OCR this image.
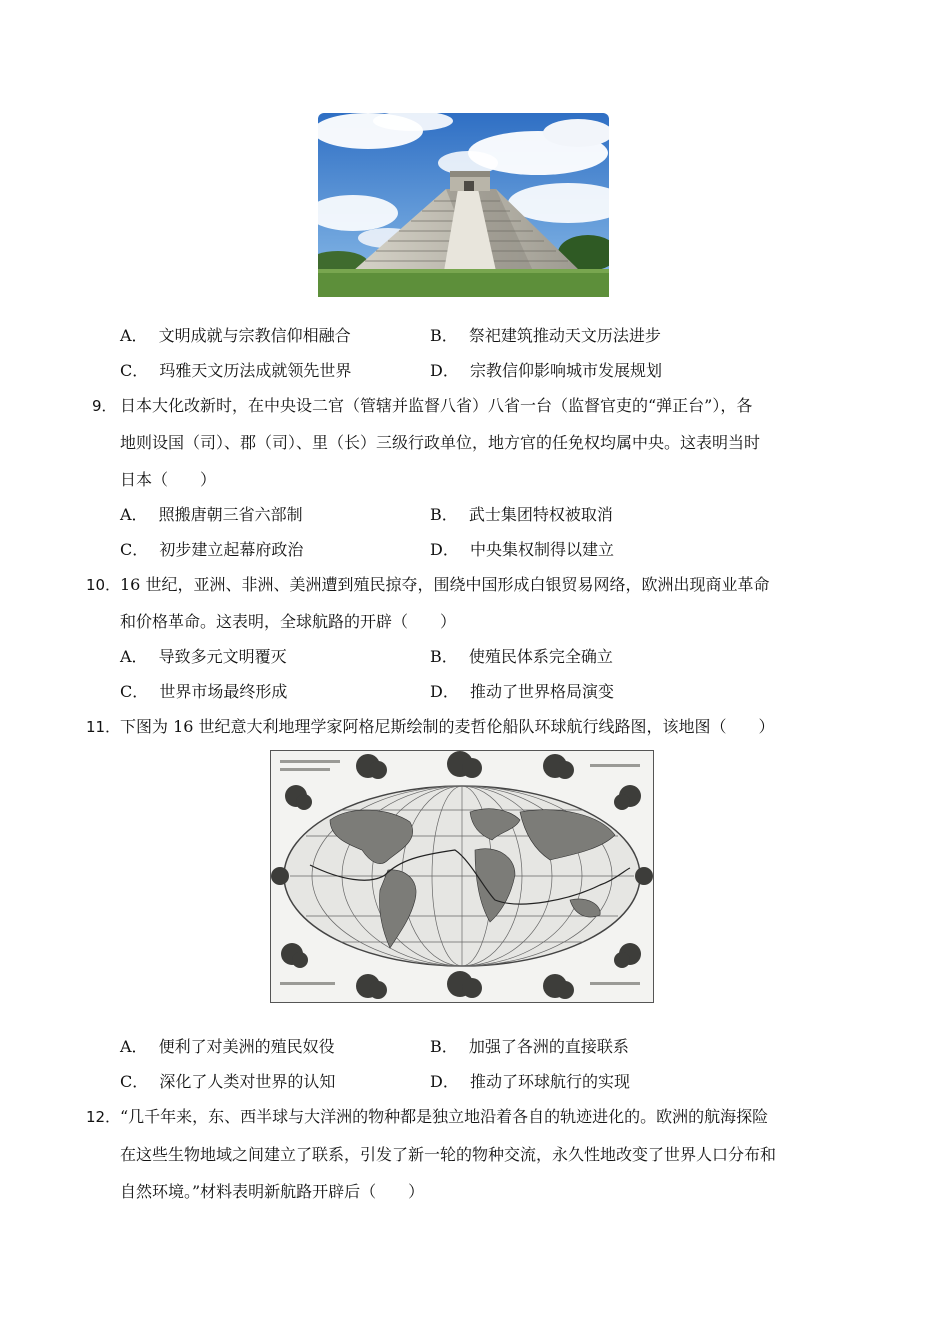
A． 文明成就与宗教信仰相融合	B． 祭祀建筑推动天文历法进步
C． 玛雅天文历法成就领先世界	D． 宗教信仰影响城市发展规划
9． 日本大化改新时，在中央设二官（管辖并监督八省）八省一台（监督官吏的“弹正台”），各
地则设国（司）、郡（司）、里（长）三级行政单位，地方官的任免权均属中央。这表明当时
日本（　　）
A． 照搬唐朝三省六部制	B． 武士集团特权被取消
C． 初步建立起幕府政治	D． 中央集权制得以建立
10． 16 世纪，亚洲、非洲、美洲遭到殖民掠夺，围绕中国形成白银贸易网络，欧洲出现商业革命
和价格革命。这表明，全球航路的开辟（　　）
A． 导致多元文明覆灭	B． 使殖民体系完全确立
C． 世界市场最终形成	D． 推动了世界格局演变
11． 下图为 16 世纪意大利地理学家阿格尼斯绘制的麦哲伦船队环球航行线路图，该地图（　　）
A． 便利了对美洲的殖民奴役	B． 加强了各洲的直接联系
C． 深化了人类对世界的认知	D． 推动了环球航行的实现
12． “几千年来，东、西半球与大洋洲的物种都是独立地沿着各自的轨迹进化的。欧洲的航海探险
在这些生物地域之间建立了联系，引发了新一轮的物种交流，永久性地改变了世界人口分布和
自然环境。”材料表明新航路开辟后（　　）
